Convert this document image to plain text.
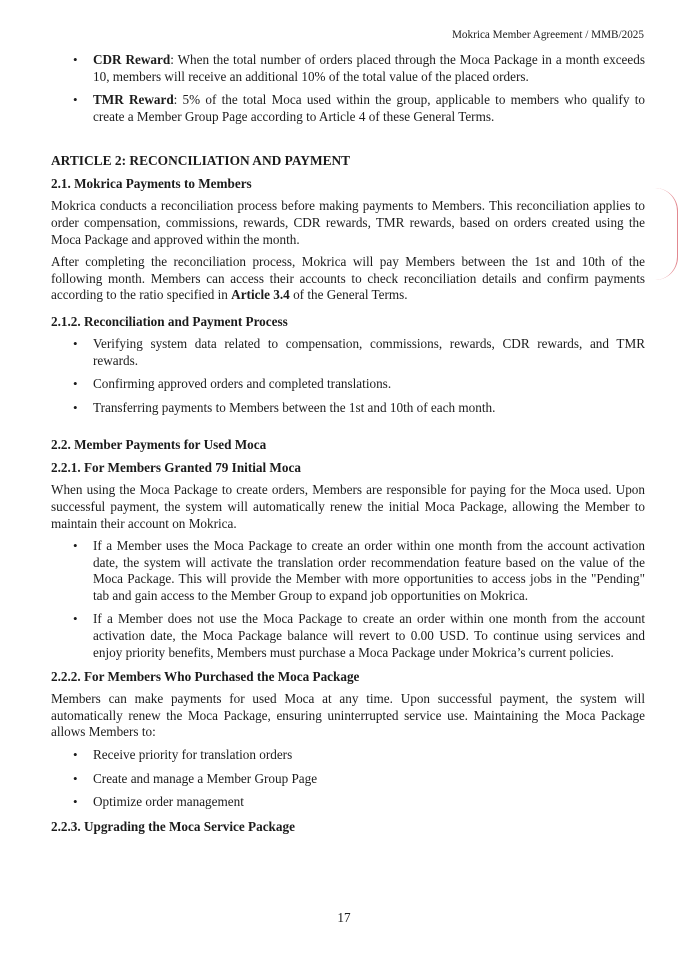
Mokrica Member Agreement / MMB/2025
• CDR Reward: When the total number of orders placed through the Moca Package in a month exceeds 10, members will receive an additional 10% of the total value of the placed orders.
• TMR Reward: 5% of the total Moca used within the group, applicable to members who qualify to create a Member Group Page according to Article 4 of these General Terms.
ARTICLE 2: RECONCILIATION AND PAYMENT
2.1. Mokrica Payments to Members

Mokrica conducts a reconciliation process before making payments to Members. This reconciliation applies to order compensation, commissions, rewards, CDR rewards, TMR rewards, based on orders created using the Moca Package and approved within the month.

After completing the reconciliation process, Mokrica will pay Members between the 1st and 10th of the following month. Members can access their accounts to check reconciliation details and confirm payments according to the ratio specified in Article 3.4 of the General Terms.

2.1.2. Reconciliation and Payment Process
• Verifying system data related to compensation, commissions, rewards, CDR rewards, and TMR rewards.
• Confirming approved orders and completed translations.
• Transferring payments to Members between the 1st and 10th of each month.
2.2. Member Payments for Used Moca
2.2.1. For Members Granted 79 Initial Moca

When using the Moca Package to create orders, Members are responsible for paying for the Moca used. Upon successful payment, the system will automatically renew the initial Moca Package, allowing the Member to maintain their account on Mokrica.

• If a Member uses the Moca Package to create an order within one month from the account activation date, the system will activate the translation order recommendation feature based on the value of the Moca Package. This will provide the Member with more opportunities to access jobs in the "Pending" tab and gain access to the Member Group to expand job opportunities on Mokrica.
• If a Member does not use the Moca Package to create an order within one month from the account activation date, the Moca Package balance will revert to 0.00 USD. To continue using services and enjoy priority benefits, Members must purchase a Moca Package under Mokrica’s current policies.
2.2.2. For Members Who Purchased the Moca Package

Members can make payments for used Moca at any time. Upon successful payment, the system will automatically renew the Moca Package, ensuring uninterrupted service use. Maintaining the Moca Package allows Members to:

• Receive priority for translation orders
• Create and manage a Member Group Page
• Optimize order management
2.2.3. Upgrading the Moca Service Package
17
